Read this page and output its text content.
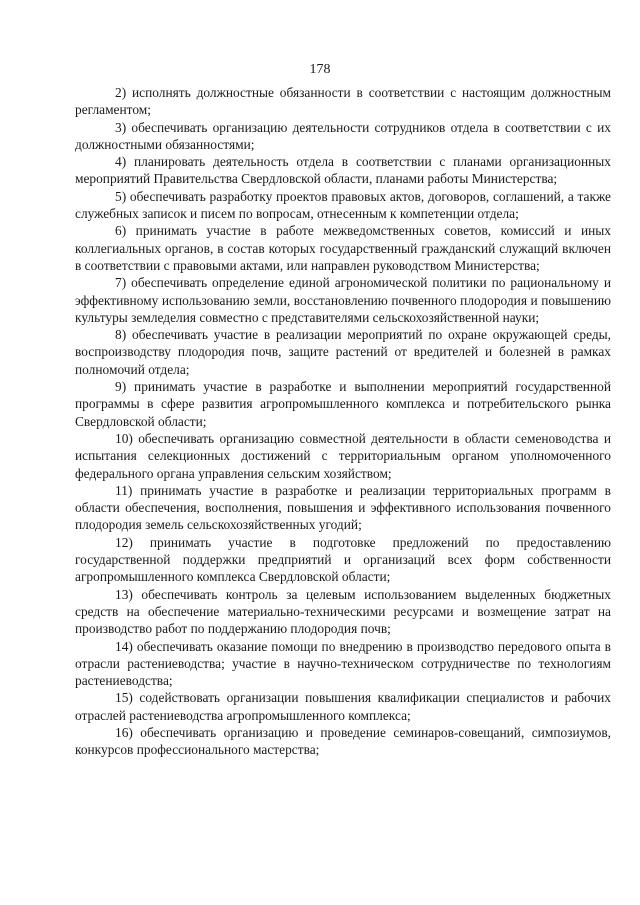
178

2) исполнять должностные обязанности в соответствии с настоящим должностным регламентом;

3) обеспечивать организацию деятельности сотрудников отдела в соответствии с их должностными обязанностями;

4) планировать деятельность отдела в соответствии с планами организационных мероприятий Правительства Свердловской области, планами работы Министерства;

5) обеспечивать разработку проектов правовых актов, договоров, соглашений, а также служебных записок и писем по вопросам, отнесенным к компетенции отдела;

6) принимать участие в работе межведомственных советов, комиссий и иных коллегиальных органов, в состав которых государственный гражданский служащий включен в соответствии с правовыми актами, или направлен руководством Министерства;

7) обеспечивать определение единой агрономической политики по рациональному и эффективному использованию земли, восстановлению почвенного плодородия и повышению культуры земледелия совместно с представителями сельскохозяйственной науки;

8) обеспечивать участие в реализации мероприятий по охране окружающей среды, воспроизводству плодородия почв, защите растений от вредителей и болезней в рамках полномочий отдела;

9) принимать участие в разработке и выполнении мероприятий государственной программы в сфере развития агропромышленного комплекса и потребительского рынка Свердловской области;

10) обеспечивать организацию совместной деятельности в области семеноводства и испытания селекционных достижений с территориальным органом уполномоченного федерального органа управления сельским хозяйством;

11) принимать участие в разработке и реализации территориальных программ в области обеспечения, восполнения, повышения и эффективного использования почвенного плодородия земель сельскохозяйственных угодий;

12) принимать участие в подготовке предложений по предоставлению государственной поддержки предприятий и организаций всех форм собственности агропромышленного комплекса Свердловской области;

13) обеспечивать контроль за целевым использованием выделенных бюджетных средств на обеспечение материально-техническими ресурсами и возмещение затрат на производство работ по поддержанию плодородия почв;

14) обеспечивать оказание помощи по внедрению в производство передового опыта в отрасли растениеводства; участие в научно-техническом сотрудничестве по технологиям растениеводства;

15) содействовать организации повышения квалификации специалистов и рабочих отраслей растениеводства агропромышленного комплекса;

16) обеспечивать организацию и проведение семинаров-совещаний, симпозиумов, конкурсов профессионального мастерства;
